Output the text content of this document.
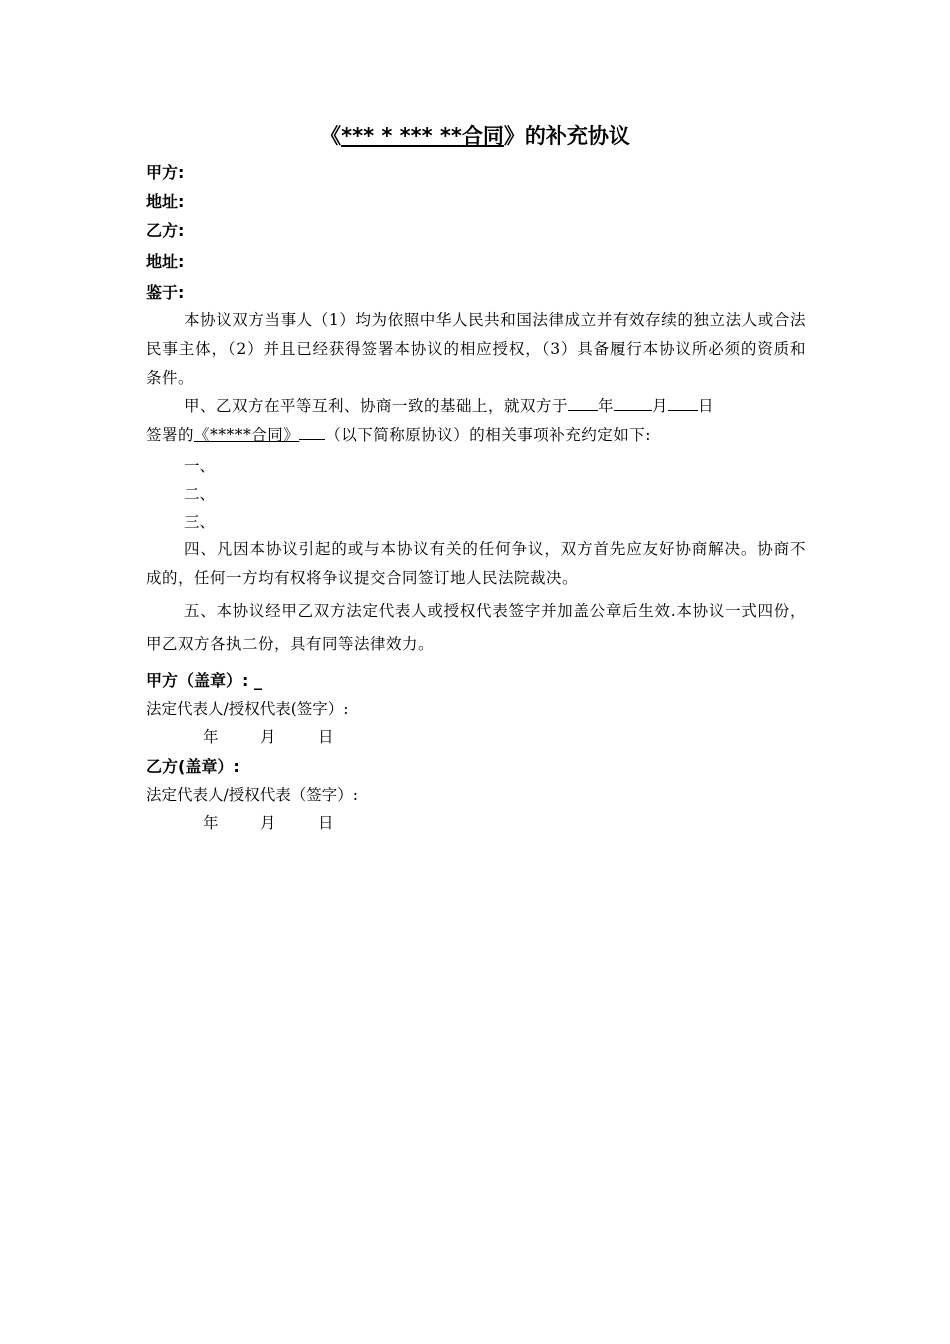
《*** * *** **合同》的补充协议
甲方:
地址:
乙方:
地址:
鉴于:
本协议双方当事人（1）均为依照中华人民共和国法律成立并有效存续的独立法人或合法民事主体，（2）并且已经获得签署本协议的相应授权，（3）具备履行本协议所必须的资质和条件。
甲、乙双方在平等互利、协商一致的基础上，就双方于 年 月 日
签署的《*****合同》 （以下简称原协议）的相关事项补充约定如下:
一、
二、
三、
四、凡因本协议引起的或与本协议有关的任何争议，双方首先应友好协商解决。协商不成的，任何一方均有权将争议提交合同签订地人民法院裁决。
五、本协议经甲乙双方法定代表人或授权代表签字并加盖公章后生效.本协议一式四份，甲乙双方各执二份，具有同等法律效力。
甲方（盖章）: _
法定代表人/授权代表(签字）:
年	月	日
乙方(盖章）:
法定代表人/授权代表（签字）:
年	月	日
